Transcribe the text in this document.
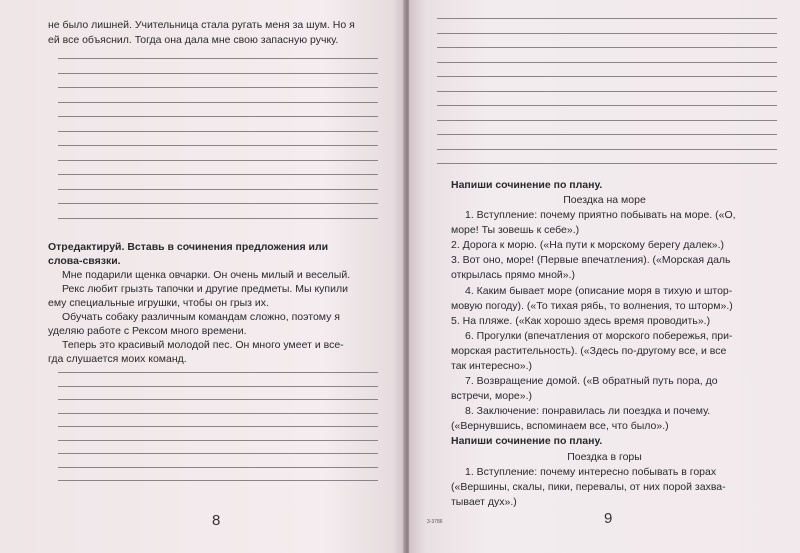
не было лишней. Учительница стала ругать меня за шум. Но я
ей все объяснил. Тогда она дала мне свою запасную ручку.
Отредактируй. Вставь в сочинения предложения или
слова-связки.
Мне подарили щенка овчарки. Он очень милый и веселый.
Рекс любит грызть тапочки и другие предметы. Мы купили
ему специальные игрушки, чтобы он грыз их.
Обучать собаку различным командам сложно, поэтому я
уделяю работе с Рексом много времени.
Теперь это красивый молодой пес. Он много умеет и все-
гда слушается моих команд.
8
Напиши сочинение по плану.
Поездка на море
1. Вступление: почему приятно побывать на море. («О,
море! Ты зовешь к себе».)
2. Дорога к морю. («На пути к морскому берегу далек».)
3. Вот оно, море! (Первые впечатления). («Морская даль
открылась прямо мной».)
4. Каким бывает море (описание моря в тихую и штор-
мовую погоду). («То тихая рябь, то волнения, то шторм».)
5. На пляже. («Как хорошо здесь время проводить».)
6. Прогулки (впечатления от морского побережья, при-
морская растительность). («Здесь по-другому все, и все
так интересно».)
7. Возвращение домой. («В обратный путь пора, до
встречи, море».)
8. Заключение: понравилась ли поездка и почему.
(«Вернувшись, вспоминаем все, что было».)
Напиши сочинение по плану.
Поездка в горы
1. Вступление: почему интересно побывать в горах
(«Вершины, скалы, пики, перевалы, от них порой захва-
тывает дух».)
3-3786	9
